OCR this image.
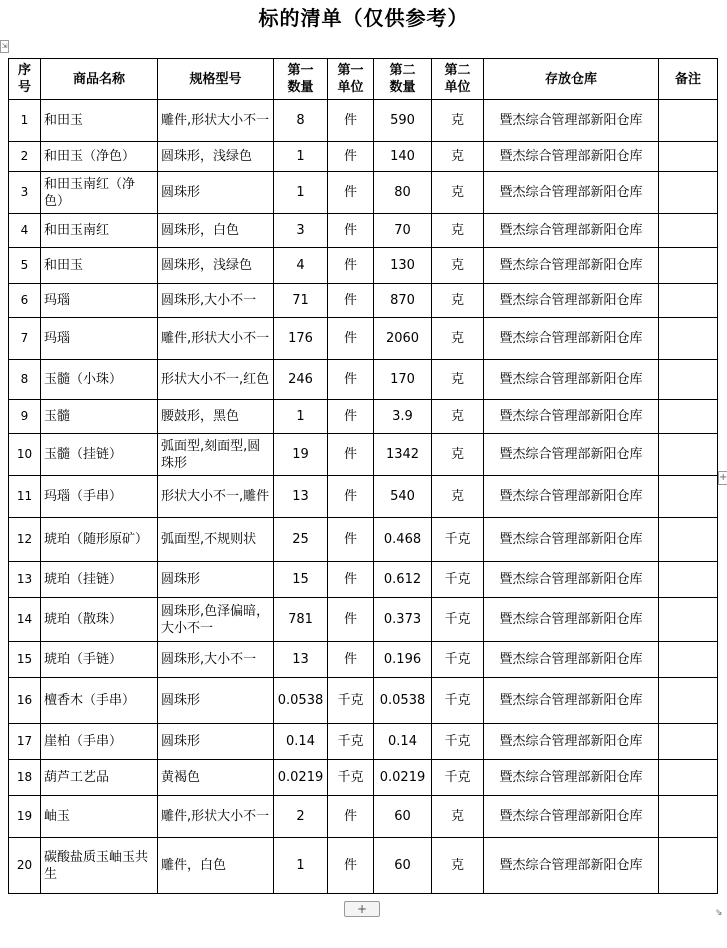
标的清单（仅供参考）
⇲
序号	商品名称	规格型号	第一数量	第一单位	第二数量	第二单位	存放仓库	备注
1	和田玉	雕件,形状大小不一	8	件	590	克	暨杰综合管理部新阳仓库	
2	和田玉（净色）	圆珠形，浅绿色	1	件	140	克	暨杰综合管理部新阳仓库	
3	和田玉南红（净色）	圆珠形	1	件	80	克	暨杰综合管理部新阳仓库	
4	和田玉南红	圆珠形，白色	3	件	70	克	暨杰综合管理部新阳仓库	
5	和田玉	圆珠形，浅绿色	4	件	130	克	暨杰综合管理部新阳仓库	
6	玛瑙	圆珠形,大小不一	71	件	870	克	暨杰综合管理部新阳仓库	
7	玛瑙	雕件,形状大小不一	176	件	2060	克	暨杰综合管理部新阳仓库	
8	玉髓（小珠）	形状大小不一,红色	246	件	170	克	暨杰综合管理部新阳仓库	
9	玉髓	腰鼓形，黑色	1	件	3.9	克	暨杰综合管理部新阳仓库	
10	玉髓（挂链）	弧面型,刻面型,圆珠形	19	件	1342	克	暨杰综合管理部新阳仓库	
11	玛瑙（手串）	形状大小不一,雕件	13	件	540	克	暨杰综合管理部新阳仓库	
12	琥珀（随形原矿）	弧面型,不规则状	25	件	0.468	千克	暨杰综合管理部新阳仓库	
13	琥珀（挂链）	圆珠形	15	件	0.612	千克	暨杰综合管理部新阳仓库	
14	琥珀（散珠）	圆珠形,色泽偏暗，大小不一	781	件	0.373	千克	暨杰综合管理部新阳仓库	
15	琥珀（手链）	圆珠形,大小不一	13	件	0.196	千克	暨杰综合管理部新阳仓库	
16	檀香木（手串）	圆珠形	0.0538	千克	0.0538	千克	暨杰综合管理部新阳仓库	
17	崖柏（手串）	圆珠形	0.14	千克	0.14	千克	暨杰综合管理部新阳仓库	
18	葫芦工艺品	黄褐色	0.0219	千克	0.0219	千克	暨杰综合管理部新阳仓库	
19	岫玉	雕件,形状大小不一	2	件	60	克	暨杰综合管理部新阳仓库	
20	碳酸盐质玉岫玉共生	雕件，白色	1	件	60	克	暨杰综合管理部新阳仓库	
+
+	⇘
